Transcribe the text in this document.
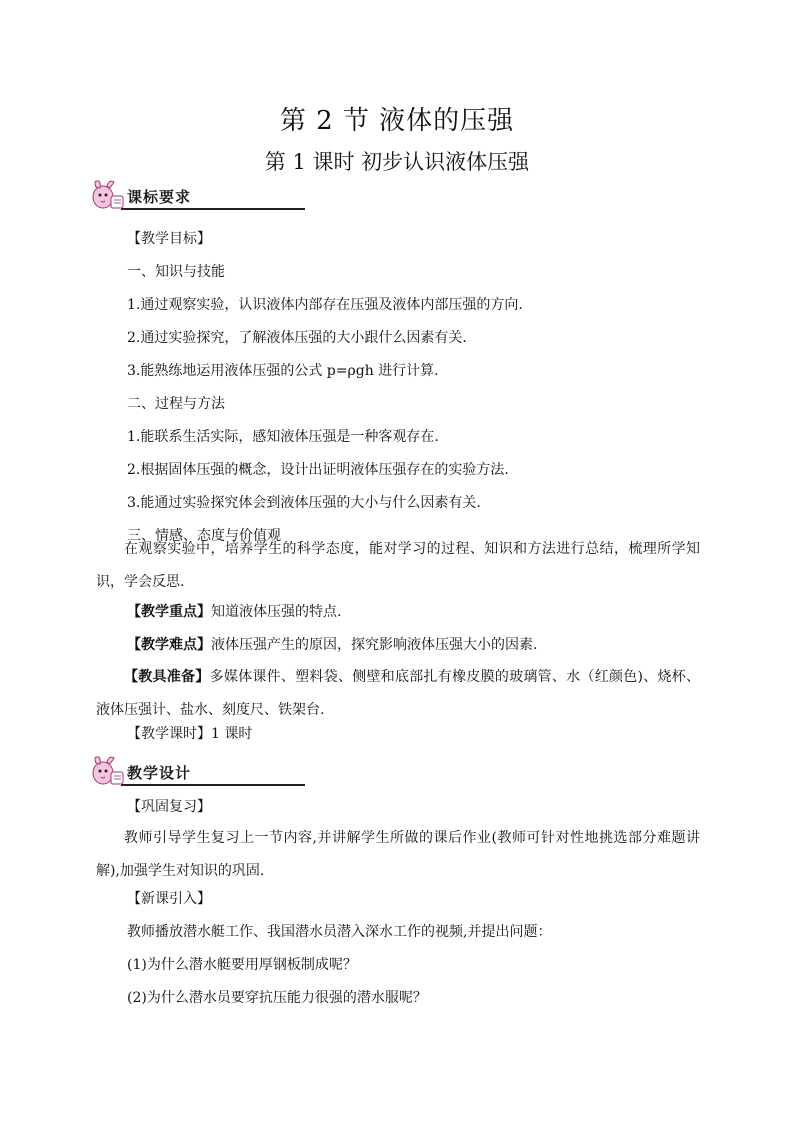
第 2 节 液体的压强
第 1 课时 初步认识液体压强
课标要求

【教学目标】

一、知识与技能

1.通过观察实验，认识液体内部存在压强及液体内部压强的方向.

2.通过实验探究，了解液体压强的大小跟什么因素有关.

3.能熟练地运用液体压强的公式 p=ρgh 进行计算.

二、过程与方法

1.能联系生活实际，感知液体压强是一种客观存在.

2.根据固体压强的概念，设计出证明液体压强存在的实验方法.

3.能通过实验探究体会到液体压强的大小与什么因素有关.

三、情感、态度与价值观

在观察实验中，培养学生的科学态度，能对学习的过程、知识和方法进行总结，梳理所学知识，学会反思.

【教学重点】知道液体压强的特点.

【教学难点】液体压强产生的原因，探究影响液体压强大小的因素.

【教具准备】多媒体课件、塑料袋、侧壁和底部扎有橡皮膜的玻璃管、水（红颜色)、烧杯、液体压强计、盐水、刻度尺、铁架台.

【教学课时】1 课时

教学设计

【巩固复习】

教师引导学生复习上一节内容,并讲解学生所做的课后作业(教师可针对性地挑选部分难题讲解),加强学生对知识的巩固.

【新课引入】

教师播放潜水艇工作、我国潜水员潜入深水工作的视频,并提出问题：

(1)为什么潜水艇要用厚钢板制成呢？

(2)为什么潜水员要穿抗压能力很强的潜水服呢？
